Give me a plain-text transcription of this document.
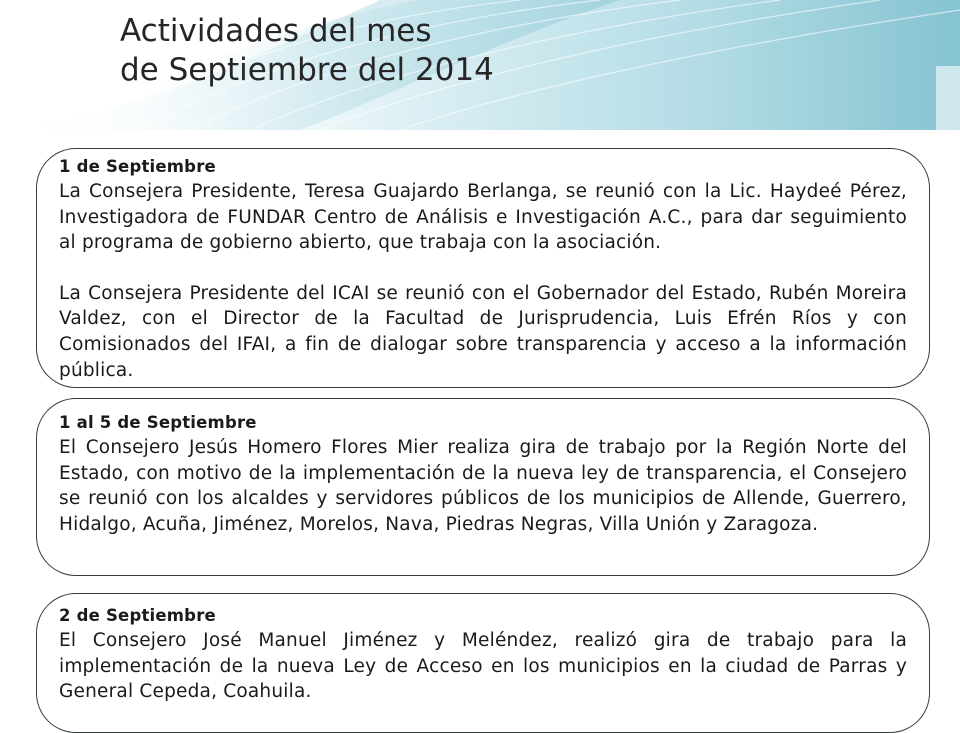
Actividades del mes
de Septiembre del 2014
1 de Septiembre

La Consejera Presidente, Teresa Guajardo Berlanga, se reunió con la Lic. Haydeé Pérez, Investigadora de FUNDAR Centro de Análisis e Investigación A.C., para dar seguimiento al programa de gobierno abierto, que trabaja con la asociación.

La Consejera Presidente del ICAI se reunió con el Gobernador del Estado, Rubén Moreira Valdez, con el Director de la Facultad de Jurisprudencia, Luis Efrén Ríos y con Comisionados del IFAI, a fin de dialogar sobre transparencia y acceso a la información pública.

1 al 5 de Septiembre

El Consejero Jesús Homero Flores Mier realiza gira de trabajo por la Región Norte del Estado, con motivo de la implementación de la nueva ley de transparencia, el Consejero se reunió con los alcaldes y servidores públicos de los municipios de Allende, Guerrero, Hidalgo, Acuña, Jiménez, Morelos, Nava, Piedras Negras, Villa Unión y Zaragoza.

2 de Septiembre

El Consejero José Manuel Jiménez y Meléndez, realizó gira de trabajo para la implementación de la nueva Ley de Acceso en los municipios en la ciudad de Parras y General Cepeda, Coahuila.
